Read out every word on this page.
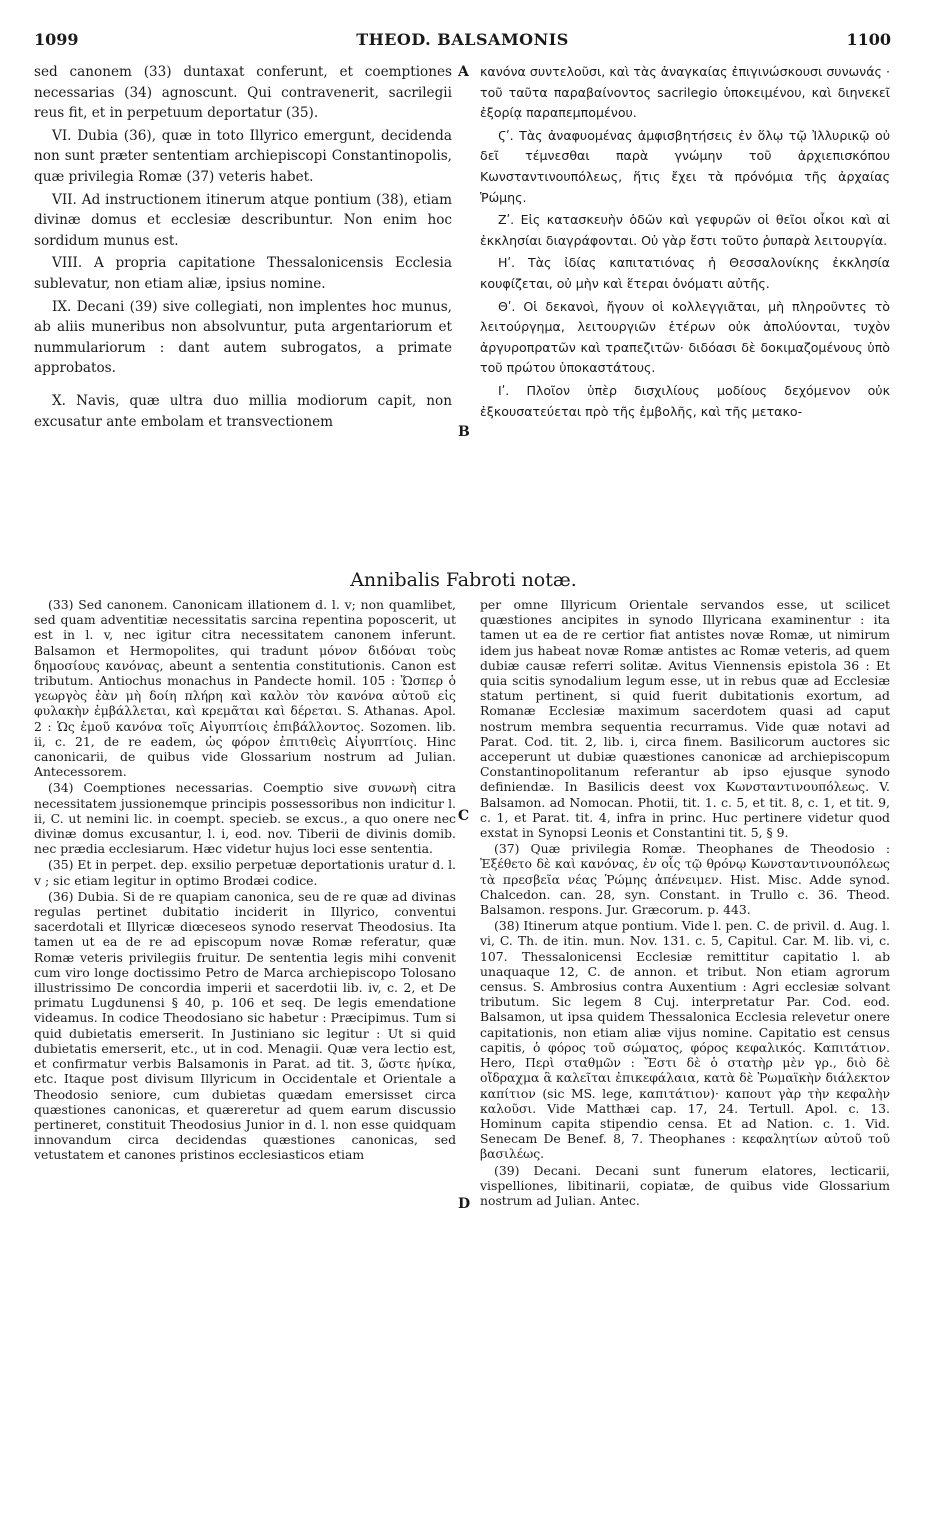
1099	THEOD. BALSAMONIS	1100

sed canonem (33) duntaxat conferunt, et coemptiones necessarias (34) agnoscunt. Qui contravenerit, sacrilegii reus fit, et in perpetuum deportatur (35).

VI. Dubia (36), quæ in toto Illyrico emergunt, decidenda non sunt præter sententiam archiepiscopi Constantinopolis, quæ privilegia Romæ (37) veteris habet.

VII. Ad instructionem itinerum atque pontium (38), etiam divinæ domus et ecclesiæ describuntur. Non enim hoc sordidum munus est.

VIII. A propria capitatione Thessalonicensis Ecclesia sublevatur, non etiam aliæ, ipsius nomine.

IX. Decani (39) sive collegiati, non implentes hoc munus, ab aliis muneribus non absolvuntur, puta argentariorum et nummulariorum : dant autem subrogatos, a primate approbatos.

X. Navis, quæ ultra duo millia modiorum capit, non excusatur ante embolam et transvectionem

A
B
C
D

κανόνα συντελοῦσι, καὶ τὰς ἀναγκαίας ἐπιγινώσκουσι συνωνάς · τοῦ ταῦτα παραβαίνοντος sacrilegio ὑποκειμένου, καὶ διηνεκεῖ ἐξορίᾳ παραπεμπομένου.

Ϛʹ. Τὰς ἀναφυομένας ἀμφισβητήσεις ἐν ὅλῳ τῷ Ἰλλυρικῷ οὐ δεῖ τέμνεσθαι παρὰ γνώμην τοῦ ἀρχιεπισκόπου Κωνσταντινουπόλεως, ἥτις ἔχει τὰ πρόνόμια τῆς ἀρχαίας Ῥώμης.

Ζʹ. Εἰς κατασκευὴν ὁδῶν καὶ γεφυρῶν οἱ θεῖοι οἶκοι καὶ αἱ ἐκκλησίαι διαγράφονται. Οὐ γὰρ ἔστι τοῦτο ῥυπαρὰ λειτουργία.

Ηʹ. Τὰς ἰδίας καπιτατιόνας ἡ Θεσσαλονίκης ἐκκλησία κουφίζεται, οὐ μὴν καὶ ἕτεραι ὀνόματι αὐτῆς.

Θʹ. Οἱ δεκανοὶ, ἤγουν οἱ κολλεγγιᾶται, μὴ πληροῦντες τὸ λειτούργημα, λειτουργιῶν ἑτέρων οὐκ ἀπολύονται, τυχὸν ἀργυροπρατῶν καὶ τραπεζιτῶν· διδόασι δὲ δοκιμαζομένους ὑπὸ τοῦ πρώτου ὑποκαστάτους.

Ιʹ. Πλοῖον ὑπὲρ δισχιλίους μοδίους δεχόμενον οὐκ ἐξκουσατεύεται πρὸ τῆς ἐμβολῆς, καὶ τῆς μετακο-

Annibalis Fabroti notæ.

(33) Sed canonem. Canonicam illationem d. l. v; non quamlibet, sed quam adventitiæ necessitatis sarcina repentina poposcerit, ut est in l. v, nec igitur citra necessitatem canonem inferunt. Balsamon et Hermopolites, qui tradunt μόνον διδόναι τοὺς δημοσίους κανόνας, abeunt a sententia constitutionis. Canon est tributum. Antiochus monachus in Pandecte homil. 105 : Ὥσπερ ὁ γεωργὸς ἐὰν μὴ δοίη πλήρη καὶ καλὸν τὸν κανόνα αὐτοῦ εἰς φυλακὴν ἐμβάλλεται, καὶ κρεμᾶται καὶ δέρεται. S. Athanas. Apol. 2 : Ὡς ἐμοῦ κανόνα τοῖς Αἰγυπτίοις ἐπιβάλλοντος. Sozomen. lib. ii, c. 21, de re eadem, ὡς φόρον ἐπιτιθεὶς Αἰγυπτίοις. Hinc canonicarii, de quibus vide Glossarium nostrum ad Julian. Antecessorem.

(34) Coemptiones necessarias. Coemptio sive συνωνὴ citra necessitatem jussionemque principis possessoribus non indicitur l. ii, C. ut nemini lic. in coempt. specieb. se excus., a quo onere nec divinæ domus excusantur, l. i, eod. nov. Tiberii de divinis domib. nec prædia ecclesiarum. Hæc videtur hujus loci esse sententia.

(35) Et in perpet. dep. exsilio perpetuæ deportationis uratur d. l. v ; sic etiam legitur in optimo Brodæi codice.

(36) Dubia. Si de re quapiam canonica, seu de re quæ ad divinas regulas pertinet dubitatio inciderit in Illyrico, conventui sacerdotali et Illyricæ diœceseos synodo reservat Theodosius. Ita tamen ut ea de re ad episcopum novæ Romæ referatur, quæ Romæ veteris privilegiis fruitur. De sententia legis mihi convenit cum viro longe doctissimo Petro de Marca archiepiscopo Tolosano illustrissimo De concordia imperii et sacerdotii lib. iv, c. 2, et De primatu Lugdunensi § 40, p. 106 et seq. De legis emendatione videamus. In codice Theodosiano sic habetur : Præcipimus. Tum si quid dubietatis emerserit. In Justiniano sic legitur : Ut si quid dubietatis emerserit, etc., ut in cod. Menagii. Quæ vera lectio est, et confirmatur verbis Balsamonis in Parat. ad tit. 3, ὥστε ἡνίκα, etc. Itaque post divisum Illyricum in Occidentale et Orientale a Theodosio seniore, cum dubietas quædam emersisset circa quæstiones canonicas, et quæreretur ad quem earum discussio pertineret, constituit Theodosius Junior in d. l. non esse quidquam innovandum circa decidendas quæstiones canonicas, sed vetustatem et canones pristinos ecclesiasticos etiam

per omne Illyricum Orientale servandos esse, ut scilicet quæstiones ancipites in synodo Illyricana examinentur : ita tamen ut ea de re certior fiat antistes novæ Romæ, ut nimirum idem jus habeat novæ Romæ antistes ac Romæ veteris, ad quem dubiæ causæ referri solitæ. Avitus Viennensis epistola 36 : Et quia scitis synodalium legum esse, ut in rebus quæ ad Ecclesiæ statum pertinent, si quid fuerit dubitationis exortum, ad Romanæ Ecclesiæ maximum sacerdotem quasi ad caput nostrum membra sequentia recurramus. Vide quæ notavi ad Parat. Cod. tit. 2, lib. i, circa finem. Basilicorum auctores sic acceperunt ut dubiæ quæstiones canonicæ ad archiepiscopum Constantinopolitanum referantur ab ipso ejusque synodo definiendæ. In Basilicis deest vox Κωνσταντινουπόλεως. V. Balsamon. ad Nomocan. Photii, tit. 1. c. 5, et tit. 8, c. 1, et tit. 9, c. 1, et Parat. tit. 4, infra in princ. Huc pertinere videtur quod exstat in Synopsi Leonis et Constantini tit. 5, § 9.

(37) Quæ privilegia Romæ. Theophanes de Theodosio : Ἐξέθετο δὲ καὶ κανόνας, ἐν οἷς τῷ θρόνῳ Κωνσταντινουπόλεως τὰ πρεσβεῖα νέας Ῥώμης ἀπένειμεν. Hist. Misc. Adde synod. Chalcedon. can. 28, syn. Constant. in Trullo c. 36. Theod. Balsamon. respons. Jur. Græcorum. p. 443.

(38) Itinerum atque pontium. Vide l. pen. C. de privil. d. Aug. l. vi, C. Th. de itin. mun. Nov. 131. c. 5, Capitul. Car. M. lib. vi, c. 107. Thessalonicensi Ecclesiæ remittitur capitatio l. ab unaquaque 12, C. de annon. et tribut. Non etiam agrorum census. S. Ambrosius contra Auxentium : Agri ecclesiæ solvant tributum. Sic legem 8 Cuj. interpretatur Par. Cod. eod. Balsamon, ut ipsa quidem Thessalonica Ecclesia relevetur onere capitationis, non etiam aliæ vijus nomine. Capitatio est census capitis, ὁ φόρος τοῦ σώματος, φόρος κεφαλικός. Καπιτάτιον. Hero, Περὶ σταθμῶν : Ἔστι δὲ ὁ στατὴρ μὲν γρ., διὸ δὲ οἴδραχμα ἃ καλεῖται ἐπικεφάλαια, κατὰ δὲ Ῥωμαϊκὴν διάλεκτον καπίτιον (sic MS. lege, καπιτάτιον)· καπουτ γὰρ τὴν κεφαλὴν καλοῦσι. Vide Matthæi cap. 17, 24. Tertull. Apol. c. 13. Hominum capita stipendio censa. Et ad Nation. c. 1. Vid. Senecam De Benef. 8, 7. Theophanes : κεφαλητίων αὐτοῦ τοῦ βασιλέως.

(39) Decani. Decani sunt funerum elatores, lecticarii, vispelliones, libitinarii, copiatæ, de quibus vide Glossarium nostrum ad Julian. Antec.
